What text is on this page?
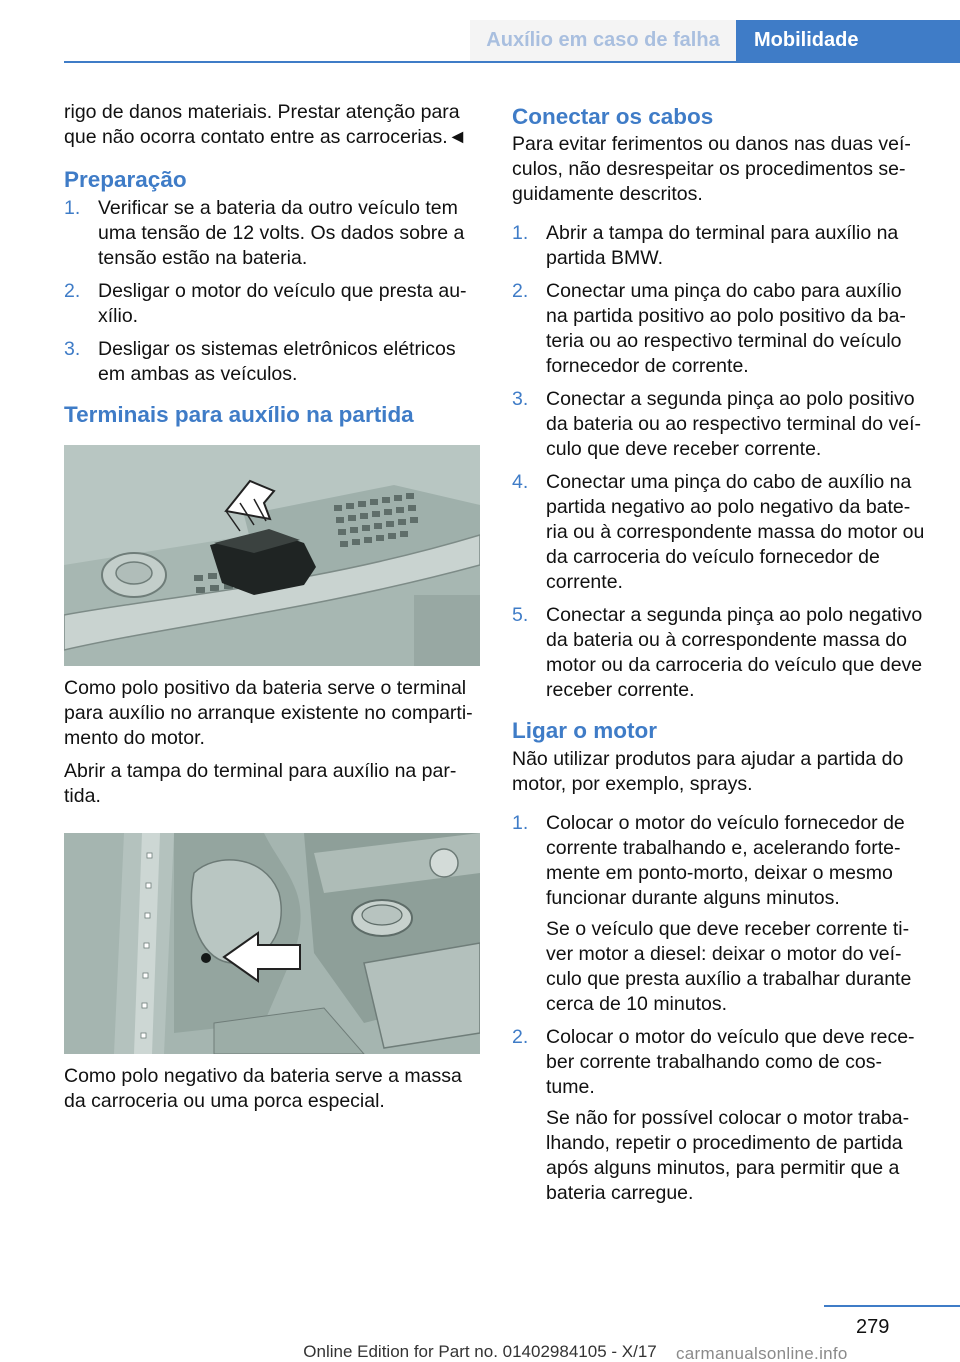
Auxílio em caso de falha	Mobilidade

rigo de danos materiais. Prestar atenção para que não ocorra contato entre as carrocerias.◄

Preparação
1. Verificar se a bateria da outro veículo tem uma tensão de 12 volts. Os dados sobre a tensão estão na bateria.
2. Desligar o motor do veículo que presta au‐xílio.
3. Desligar os sistemas eletrônicos elétricos em ambas as veículos.
Terminais para auxílio na partida

Como polo positivo da bateria serve o terminal para auxílio no arranque existente no comparti‐mento do motor.

Abrir a tampa do terminal para auxílio na par‐tida.

Como polo negativo da bateria serve a massa da carroceria ou uma porca especial.

Conectar os cabos

Para evitar ferimentos ou danos nas duas veí‐culos, não desrespeitar os procedimentos se‐guidamente descritos.

1. Abrir a tampa do terminal para auxílio na partida BMW.
2. Conectar uma pinça do cabo para auxílio na partida positivo ao polo positivo da ba‐teria ou ao respectivo terminal do veículo fornecedor de corrente.
3. Conectar a segunda pinça ao polo positivo da bateria ou ao respectivo terminal do veí‐culo que deve receber corrente.
4. Conectar uma pinça do cabo de auxílio na partida negativo ao polo negativo da bate‐ria ou à correspondente massa do motor ou da carroceria do veículo fornecedor de corrente.
5. Conectar a segunda pinça ao polo negativo da bateria ou à correspondente massa do motor ou da carroceria do veículo que deve receber corrente.
Ligar o motor

Não utilizar produtos para ajudar a partida do motor, por exemplo, sprays.

1. Colocar o motor do veículo fornecedor de corrente trabalhando e, acelerando forte‐mente em ponto-morto, deixar o mesmo funcionar durante alguns minutos.
Se o veículo que deve receber corrente ti‐ver motor a diesel: deixar o motor do veí‐culo que presta auxílio a trabalhar durante cerca de 10 minutos.
2. Colocar o motor do veículo que deve rece‐ber corrente trabalhando como de cos‐tume.
Se não for possível colocar o motor traba‐lhando, repetir o procedimento de partida após alguns minutos, para permitir que a bateria carregue.
279
Online Edition for Part no. 01402984105 - X/17	carmanualsonline.info
